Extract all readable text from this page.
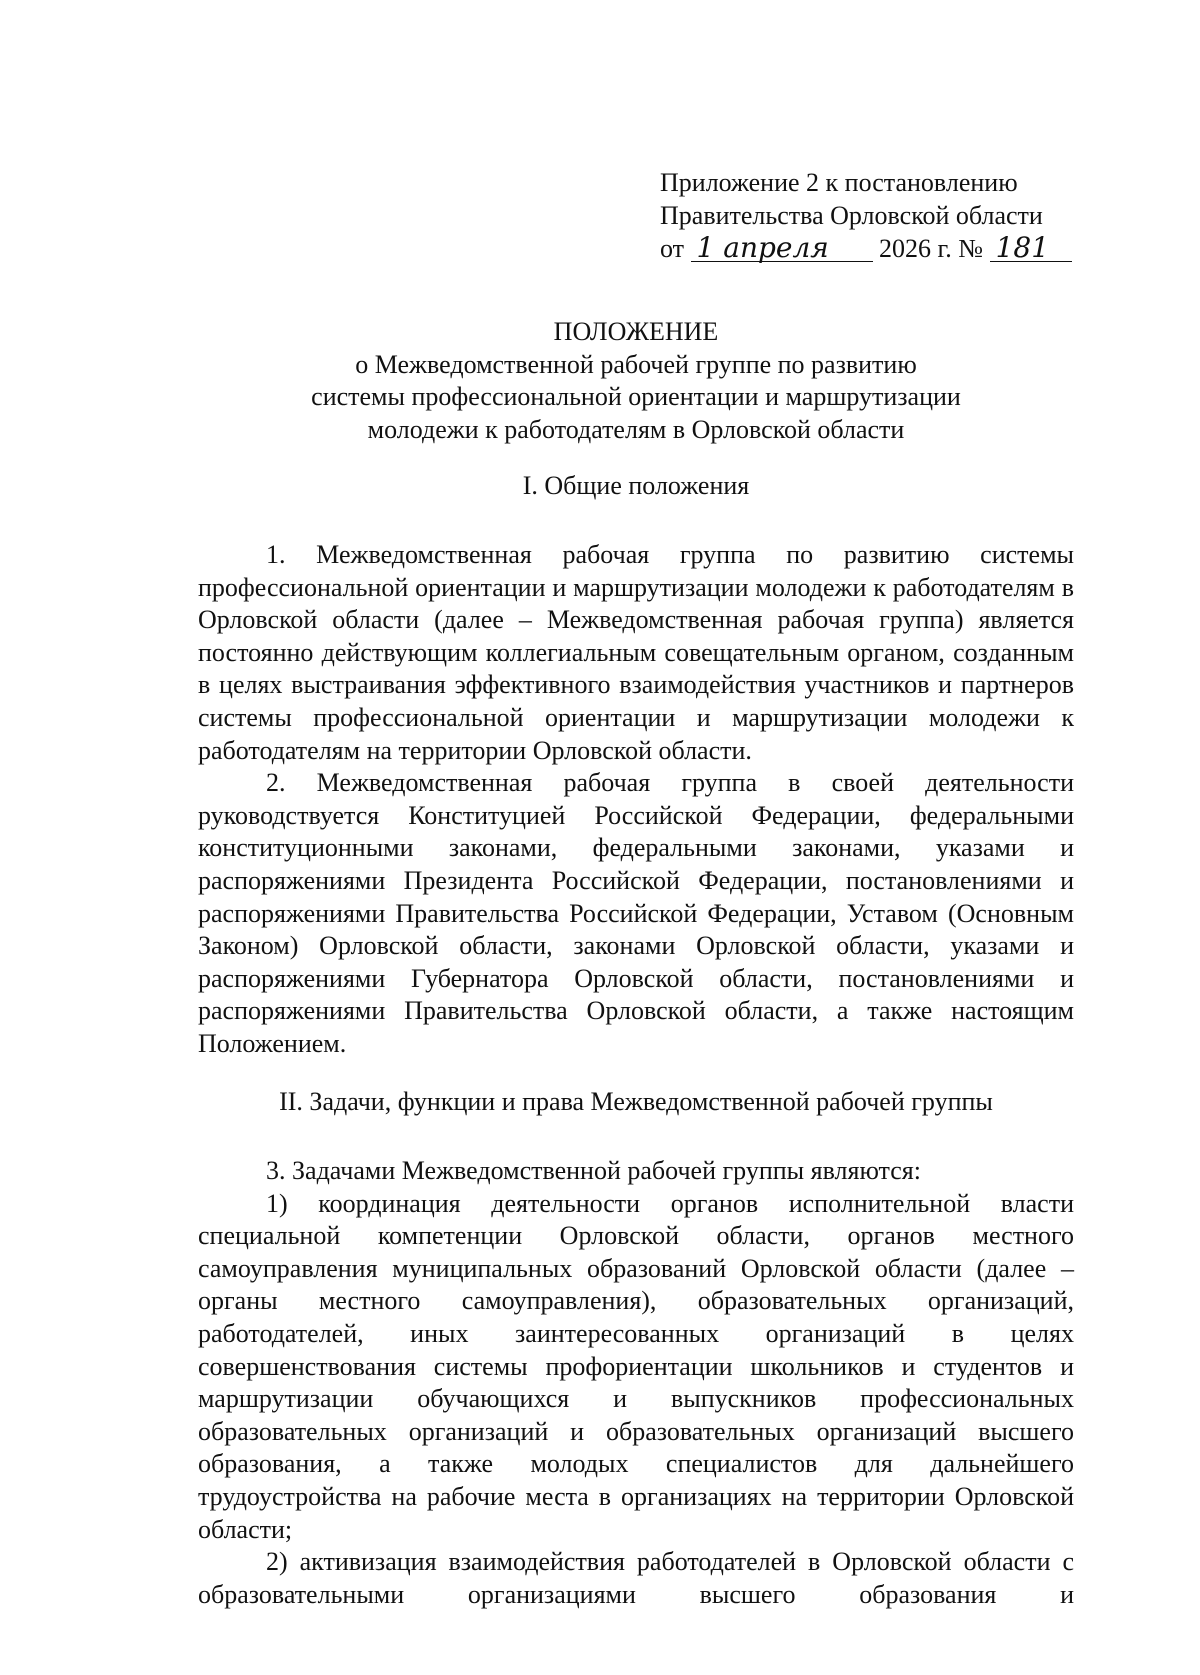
Приложение 2 к постановлению
Правительства Орловской области
от 1 апреля 2026 г. № 181

ПОЛОЖЕНИЕ

о Межведомственной рабочей группе по развитию

системы профессиональной ориентации и маршрутизации

молодежи к работодателям в Орловской области

I. Общие положения

1. Межведомственная рабочая группа по развитию системы профессиональной ориентации и маршрутизации молодежи к работодателям в Орловской области (далее – Межведомственная рабочая группа) является постоянно действующим коллегиальным совещательным органом, созданным в целях выстраивания эффективного взаимодействия участников и партнеров системы профессиональной ориентации и маршрутизации молодежи к работодателям на территории Орловской области.

2. Межведомственная рабочая группа в своей деятельности руководствуется Конституцией Российской Федерации, федеральными конституционными законами, федеральными законами, указами и распоряжениями Президента Российской Федерации, постановлениями и распоряжениями Правительства Российской Федерации, Уставом (Основным Законом) Орловской области, законами Орловской области, указами и распоряжениями Губернатора Орловской области, постановлениями и распоряжениями Правительства Орловской области, а также настоящим Положением.

II. Задачи, функции и права Межведомственной рабочей группы

3. Задачами Межведомственной рабочей группы являются:

1) координация деятельности органов исполнительной власти специальной компетенции Орловской области, органов местного самоуправления муниципальных образований Орловской области (далее – органы местного самоуправления), образовательных организаций, работодателей, иных заинтересованных организаций в целях совершенствования системы профориентации школьников и студентов и маршрутизации обучающихся и выпускников профессиональных образовательных организаций и образовательных организаций высшего образования, а также молодых специалистов для дальнейшего трудоустройства на рабочие места в организациях на территории Орловской области;

2) активизация взаимодействия работодателей в Орловской области с образовательными организациями высшего образования и
